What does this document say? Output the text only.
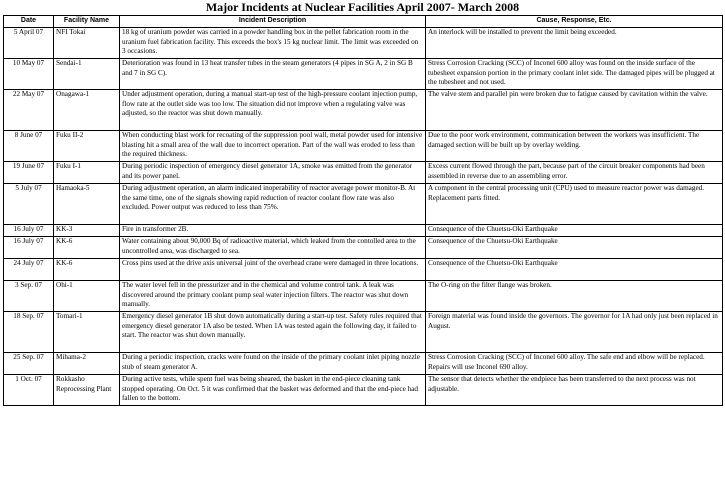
Major Incidents at Nuclear Facilities April 2007- March 2008
Date	Facility Name	Incident Description	Cause, Response, Etc.
5 April 07	NFI Tokai	18 kg of uranium powder was carried in a powder handling box in the pellet fabrication room in the uranium fuel fabrication facility. This exceeds the box's 15 kg nuclear limit. The limit was exceeded on 3 occasions.	An interlock will be installed to prevent the limit being exceeded.
10 May 07	Sendai-1	Deterioration was found in 13 heat transfer tubes in the steam generators (4 pipes in SG A, 2 in SG B and 7 in SG C).	Stress Corrosion Cracking (SCC) of Inconel 600 alloy was found on the inside surface of the tubesheet expansion portion in the primary coolant inlet side. The damaged pipes will be plugged at the tubesheet and not used.
22 May 07	Onagawa-1	Under adjustment operation, during a manual start-up test of the high-pressure coolant injection pump, flow rate at the outlet side was too low. The situation did not improve when a regulating valve was adjusted, so the reactor was shut down manually.	The valve stem and parallel pin were broken due to fatigue caused by cavitation within the valve.
8 June 07	Fuku II-2	When conducting blast work for recoating of the suppression pool wall, metal powder used for intensive blasting hit a small area of the wall due to incorrect operation. Part of the wall was eroded to less than the required thickness.	Due to the poor work environment, communication between the workers was insufficient. The damaged section will be built up by overlay welding.
19 June 07	Fuku I-1	During periodic inspection of emergency diesel generator 1A, smoke was emitted from the generator and its power panel.	Excess current flowed through the part, because part of the circuit breaker components had been assembled in reverse due to an assembling error.
5 July 07	Hamaoka-5	During adjustment operation, an alarm indicated inoperability of reactor average power monitor-B. At the same time, one of the signals showing rapid reduction of reactor coolant flow rate was also excluded. Power output was reduced to less than 75%.	A component in the central processing unit (CPU) used to measure reactor power was damaged. Replacement parts fitted.
16 July 07	KK-3	Fire in transformer 2B.	Consequence of the Chuetsu-Oki Earthquake
16 July 07	KK-6	Water containing about 90,000 Bq of radioactive material, which leaked from the contolled area to the uncontrolled area, was discharged to sea.	Consequence of the Chuetsu-Oki Earthquake
24 July 07	KK-6	Cross pins used at the drive axis universal joint of the overhead crane were damaged in three locations.	Consequence of the Chuetsu-Oki Earthquake
3 Sep. 07	Ohi-1	The water level fell in the pressurizer and in the chemical and volume control tank. A leak was discovered around the primary coolant pump seal water injection filters. The reactor was shut down manually.	The O-ring on the filter flange was broken.
18 Sep. 07	Tomari-1	Emergency diesel generator 1B shut down automatically during a start-up test. Safety rules required that emergency diesel generator 1A also be tested. When 1A was tested again the following day, it failed to start. The reactor was shut down manually.	Foreign material was found inside the governors. The governor for 1A had only just been replaced in August.
25 Sep. 07	Mihama-2	During a periodic inspection, cracks were found on the inside of the primary coolant inlet piping nozzle stub of steam generator A.	Stress Corrosion Cracking (SCC) of Inconel 600 alloy. The safe end and elbow will be replaced. Repairs will use Inconel 690 alloy.
1 Oct. 07	Rokkasho Reprocessing Plant	During active tests, while spent fuel was being sheared, the basket in the end-piece cleaning tank stopped operating. On Oct. 5 it was confirmed that the basket was deformed and that the end-piece had fallen to the bottom.	The sensor that detects whether the endpiece has been transferred to the next process was not adjustable.
